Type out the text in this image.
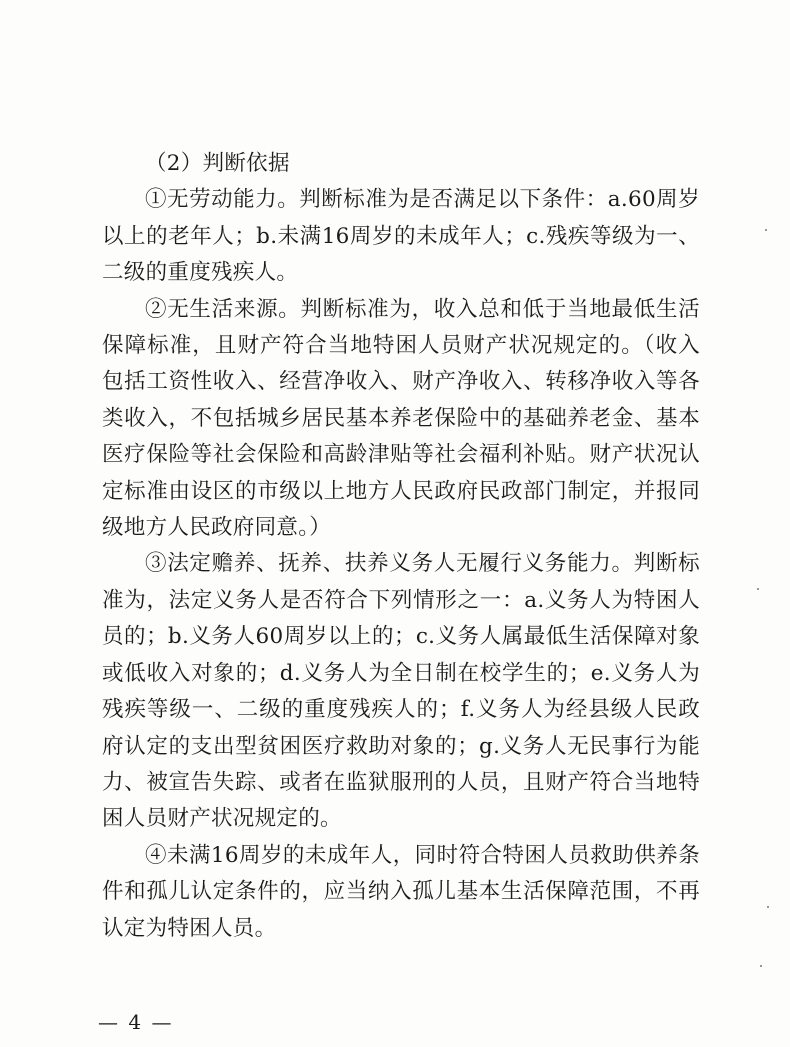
（2）判断依据

①无劳动能力。判断标准为是否满足以下条件：a.60周岁以上的老年人；b.未满16周岁的未成年人；c.残疾等级为一、二级的重度残疾人。

②无生活来源。判断标准为，收入总和低于当地最低生活保障标准，且财产符合当地特困人员财产状况规定的。（收入包括工资性收入、经营净收入、财产净收入、转移净收入等各类收入，不包括城乡居民基本养老保险中的基础养老金、基本医疗保险等社会保险和高龄津贴等社会福利补贴。财产状况认定标准由设区的市级以上地方人民政府民政部门制定，并报同级地方人民政府同意。）

③法定赡养、抚养、扶养义务人无履行义务能力。判断标准为，法定义务人是否符合下列情形之一：a.义务人为特困人员的；b.义务人60周岁以上的；c.义务人属最低生活保障对象或低收入对象的；d.义务人为全日制在校学生的；e.义务人为残疾等级一、二级的重度残疾人的；f.义务人为经县级人民政府认定的支出型贫困医疗救助对象的；g.义务人无民事行为能力、被宣告失踪、或者在监狱服刑的人员，且财产符合当地特困人员财产状况规定的。

④未满16周岁的未成年人，同时符合特困人员救助供养条件和孤儿认定条件的，应当纳入孤儿基本生活保障范围，不再认定为特困人员。

— 4 —
